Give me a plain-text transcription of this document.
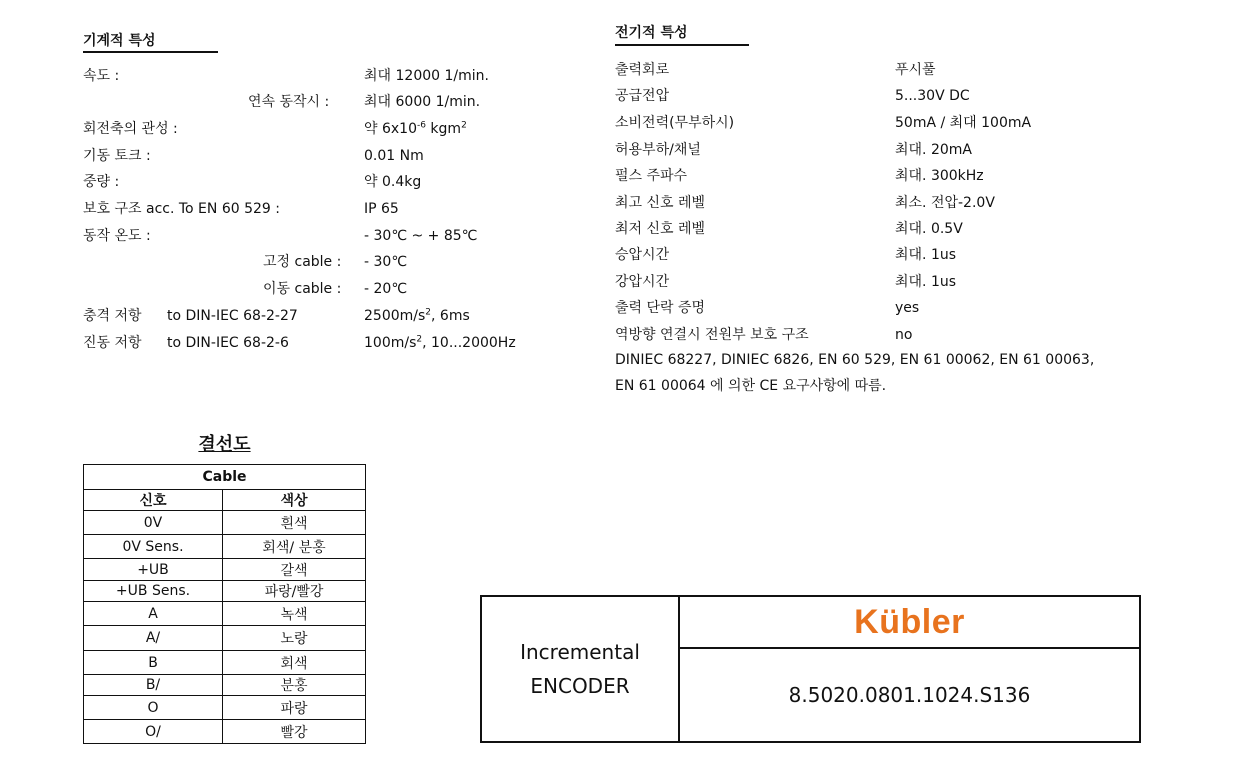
기계적 특성
속도 :	최대 12000 1/min.
연속 동작시 : 최대 6000 1/min.
회전축의 관성 :	약 $6x10^{-6}$ kgm$^2$
기동 토크 :	0.01 Nm
중량 :	약 0.4kg
보호 구조 acc. To EN 60 529 :	IP 65
동작 온도 :	- 30℃ ~ + 85℃
고정 cable : - 30℃
이동 cable : - 20℃
충격 저항 to DIN-IEC 68-2-27	$2500m/s^2$, 6ms
진동 저항 to DIN-IEC 68-2-6	$100m/s^2$, 10...2000Hz
전기적 특성
출력회로	푸시풀
공급전압	5...30V DC
소비전력(무부하시)	50mA / 최대 100mA
허용부하/채널	최대. 20mA
펄스 주파수	최대. 300kHz
최고 신호 레벨	최소. 전압-2.0V
최저 신호 레벨	최대. 0.5V
승압시간	최대. 1us
강압시간	최대. 1us
출력 단락 증명	yes
역방향 연결시 전원부 보호 구조	no
DINIEC 68227, DINIEC 6826, EN 60 529, EN 61 00062, EN 61 00063,
EN 61 00064 에 의한 CE 요구사항에 따름.
결선도
Cable	
신호	색상
0V	흰색
0V Sens.	회색/ 분홍
+UB	갈색
+UB Sens.	파랑/빨강
A	녹색
A/	노랑
B	회색
B/	분홍
O	파랑
O/	빨강
Incremental
ENCODER
Kübler
8.5020.0801.1024.S136
